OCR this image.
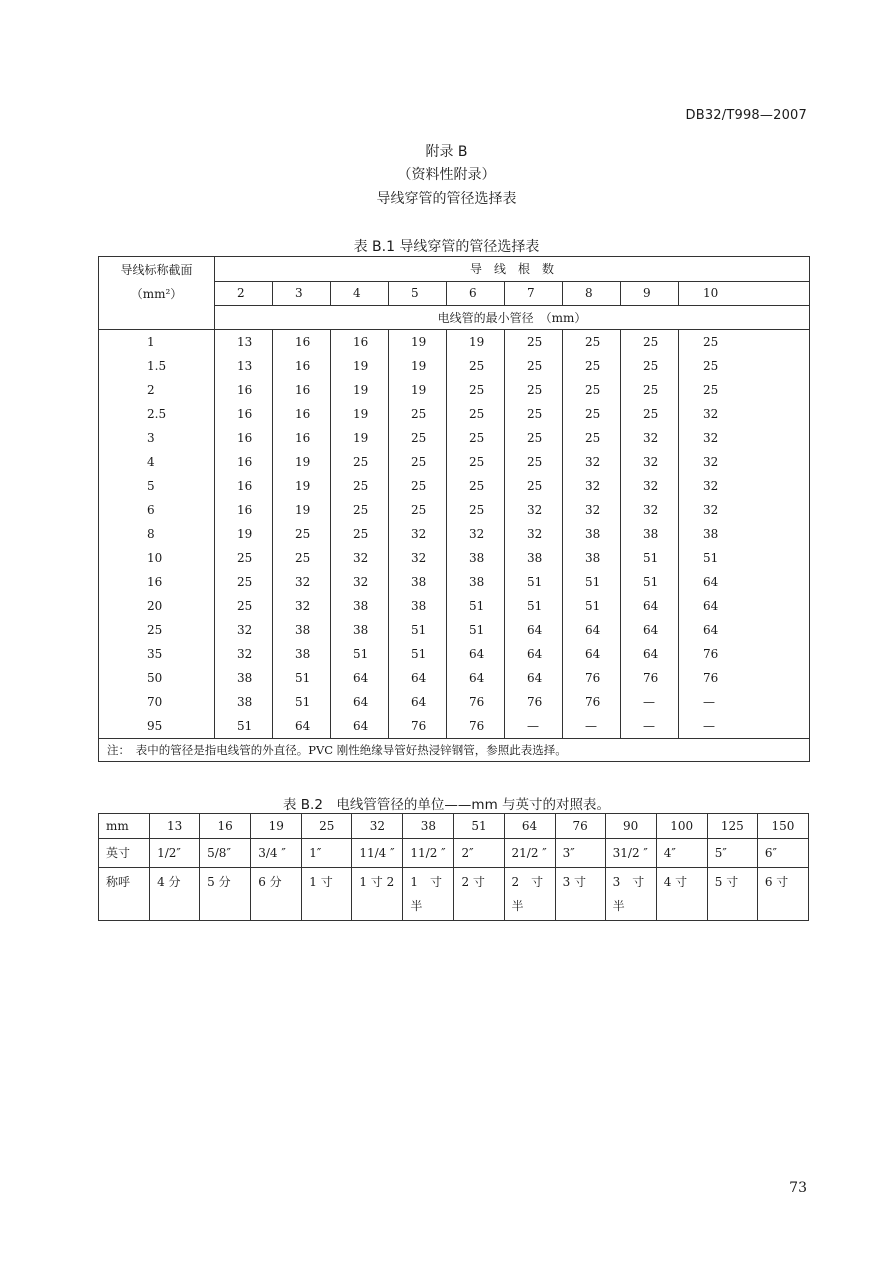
DB32/T998—2007
附录 B
（资料性附录）
导线穿管的管径选择表
表 B.1 导线穿管的管径选择表
导线标称截面	导　线　根　数								
（mm²）	2	3	4	5	6	7	8	9	10
	电线管的最小管径　（mm）								
1	13	16	16	19	19	25	25	25	25
1.5	13	16	19	19	25	25	25	25	25
2	16	16	19	19	25	25	25	25	25
2.5	16	16	19	25	25	25	25	25	32
3	16	16	19	25	25	25	25	32	32
4	16	19	25	25	25	25	32	32	32
5	16	19	25	25	25	25	32	32	32
6	16	19	25	25	25	32	32	32	32
8	19	25	25	32	32	32	38	38	38
10	25	25	32	32	38	38	38	51	51
16	25	32	32	38	38	51	51	51	64
20	25	32	38	38	51	51	51	64	64
25	32	38	38	51	51	64	64	64	64
35	32	38	51	51	64	64	64	64	76
50	38	51	64	64	64	64	76	76	76
70	38	51	64	64	76	76	76	—	—
95	51	64	64	76	76	—	—	—	—
注：　表中的管径是指电线管的外直径。PVC 刚性绝缘导管好热浸锌钢管，参照此表选择。									
表 B.2　电线管管径的单位——mm 与英寸的对照表。
mm	13	16	19	25	32	38	51	64	76	90	100	125	150
英寸	1/2″	5/8″	3/4 ″	1″	11/4 ″	11/2 ″	2″	21/2 ″	3″	31/2 ″	4″	5″	6″
称呼	4 分	5 分	6 分	1 寸	1 寸 2	1　寸 半	2 寸	2　寸 半	3 寸	3　寸 半	4 寸	5 寸	6 寸
73
